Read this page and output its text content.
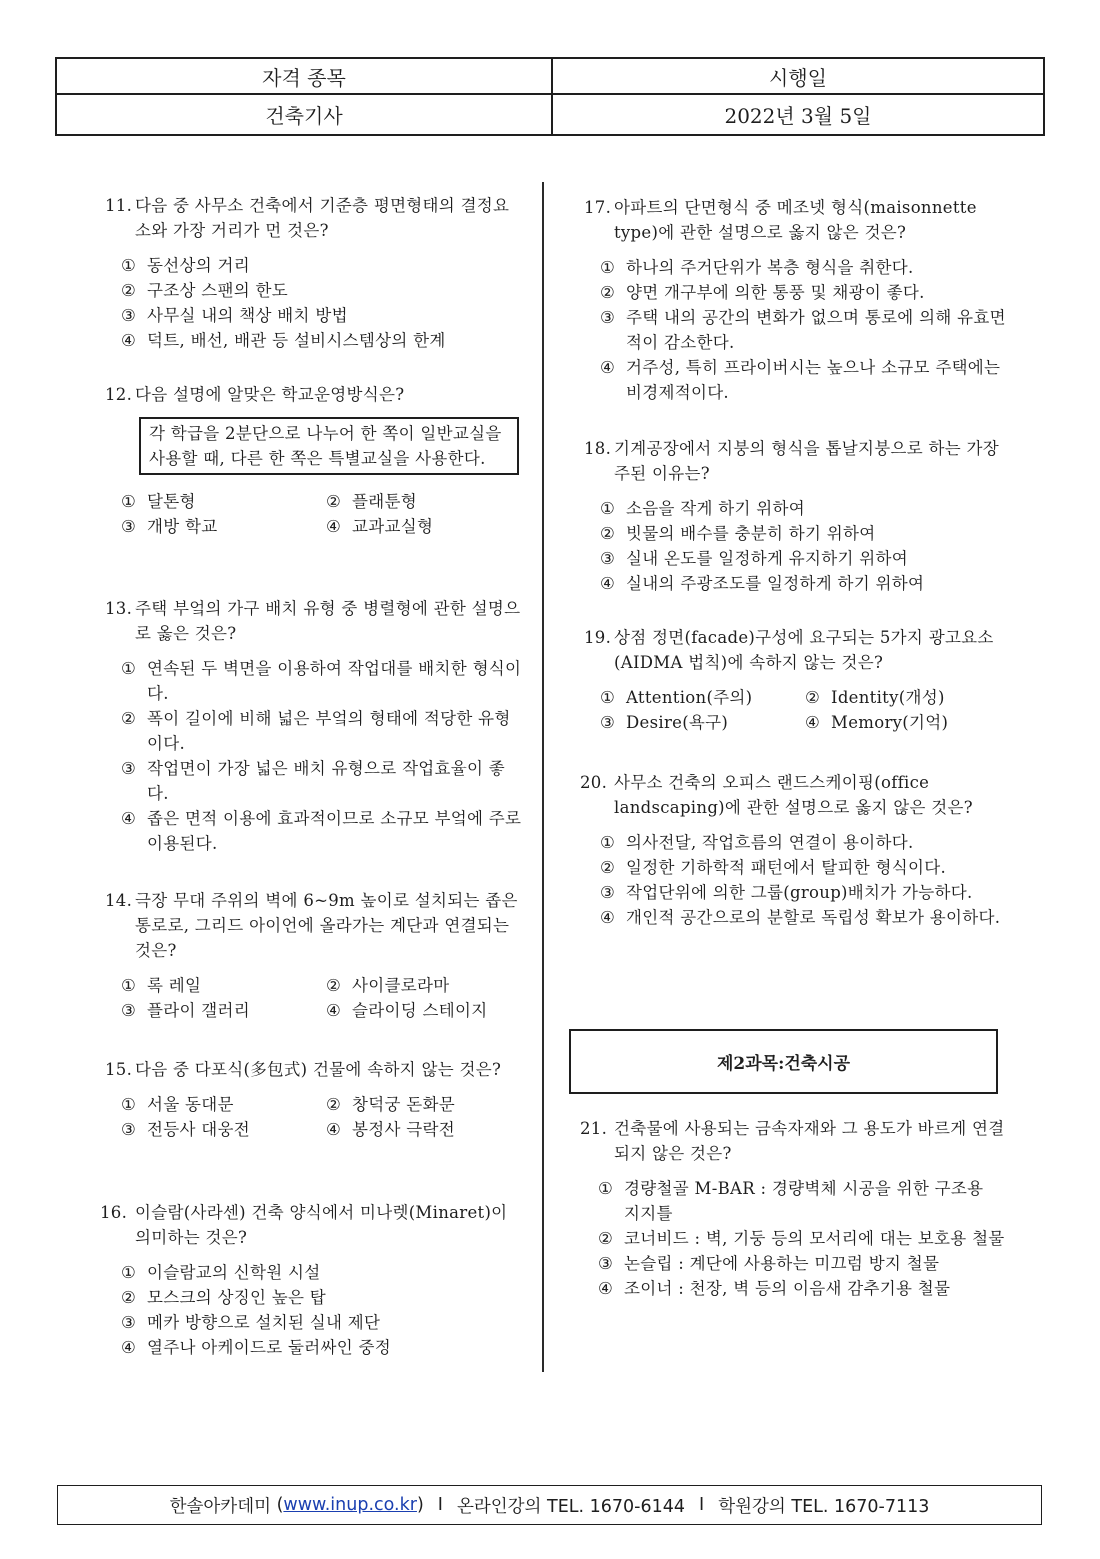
자격 종목	시행일
건축기사	2022년 3월 5일
11. 다음 중 사무소 건축에서 기준층 평면형태의 결정요소와 가장 거리가 먼 것은?
① 동선상의 거리
② 구조상 스팬의 한도
③ 사무실 내의 책상 배치 방법
④ 덕트, 배선, 배관 등 설비시스템상의 한계
12. 다음 설명에 알맞은 학교운영방식은?
각 학급을 2분단으로 나누어 한 쪽이 일반교실을 사용할 때, 다른 한 쪽은 특별교실을 사용한다.
① 달톤형	② 플래툰형
③ 개방 학교	④ 교과교실형
13. 주택 부엌의 가구 배치 유형 중 병렬형에 관한 설명으로 옳은 것은?
① 연속된 두 벽면을 이용하여 작업대를 배치한 형식이다.
② 폭이 길이에 비해 넓은 부엌의 형태에 적당한 유형이다.
③ 작업면이 가장 넓은 배치 유형으로 작업효율이 좋다.
④ 좁은 면적 이용에 효과적이므로 소규모 부엌에 주로 이용된다.
14. 극장 무대 주위의 벽에 6~9m 높이로 설치되는 좁은 통로로, 그리드 아이언에 올라가는 계단과 연결되는 것은?
① 록 레일	② 사이클로라마
③ 플라이 갤러리	④ 슬라이딩 스테이지
15. 다음 중 다포식(多包式) 건물에 속하지 않는 것은?
① 서울 동대문	② 창덕궁 돈화문
③ 전등사 대웅전	④ 봉정사 극락전
16. 이슬람(사라센) 건축 양식에서 미나렛(Minaret)이 의미하는 것은?
① 이슬람교의 신학원 시설
② 모스크의 상징인 높은 탑
③ 메카 방향으로 설치된 실내 제단
④ 열주나 아케이드로 둘러싸인 중정
17. 아파트의 단면형식 중 메조넷 형식(maisonnette type)에 관한 설명으로 옳지 않은 것은?
① 하나의 주거단위가 복층 형식을 취한다.
② 양면 개구부에 의한 통풍 및 채광이 좋다.
③ 주택 내의 공간의 변화가 없으며 통로에 의해 유효면적이 감소한다.
④ 거주성, 특히 프라이버시는 높으나 소규모 주택에는 비경제적이다.
18. 기계공장에서 지붕의 형식을 톱날지붕으로 하는 가장 주된 이유는?
① 소음을 작게 하기 위하여
② 빗물의 배수를 충분히 하기 위하여
③ 실내 온도를 일정하게 유지하기 위하여
④ 실내의 주광조도를 일정하게 하기 위하여
19. 상점 정면(facade)구성에 요구되는 5가지 광고요소(AIDMA 법칙)에 속하지 않는 것은?
① Attention(주의)	② Identity(개성)
③ Desire(욕구)	④ Memory(기억)
20. 사무소 건축의 오피스 랜드스케이핑(office landscaping)에 관한 설명으로 옳지 않은 것은?
① 의사전달, 작업흐름의 연결이 용이하다.
② 일정한 기하학적 패턴에서 탈피한 형식이다.
③ 작업단위에 의한 그룹(group)배치가 가능하다.
④ 개인적 공간으로의 분할로 독립성 확보가 용이하다.
제2과목:건축시공
21. 건축물에 사용되는 금속자재와 그 용도가 바르게 연결되지 않은 것은?
① 경량철골 M-BAR : 경량벽체 시공을 위한 구조용 지지틀
② 코너비드 : 벽, 기둥 등의 모서리에 대는 보호용 철물
③ 논슬립 : 계단에 사용하는 미끄럼 방지 철물
④ 조이너 : 천장, 벽 등의 이음새 감추기용 철물
한솔아카데미 ( www.inup.co.kr ) I 온라인강의 TEL. 1670-6144 I 학원강의 TEL. 1670-7113
